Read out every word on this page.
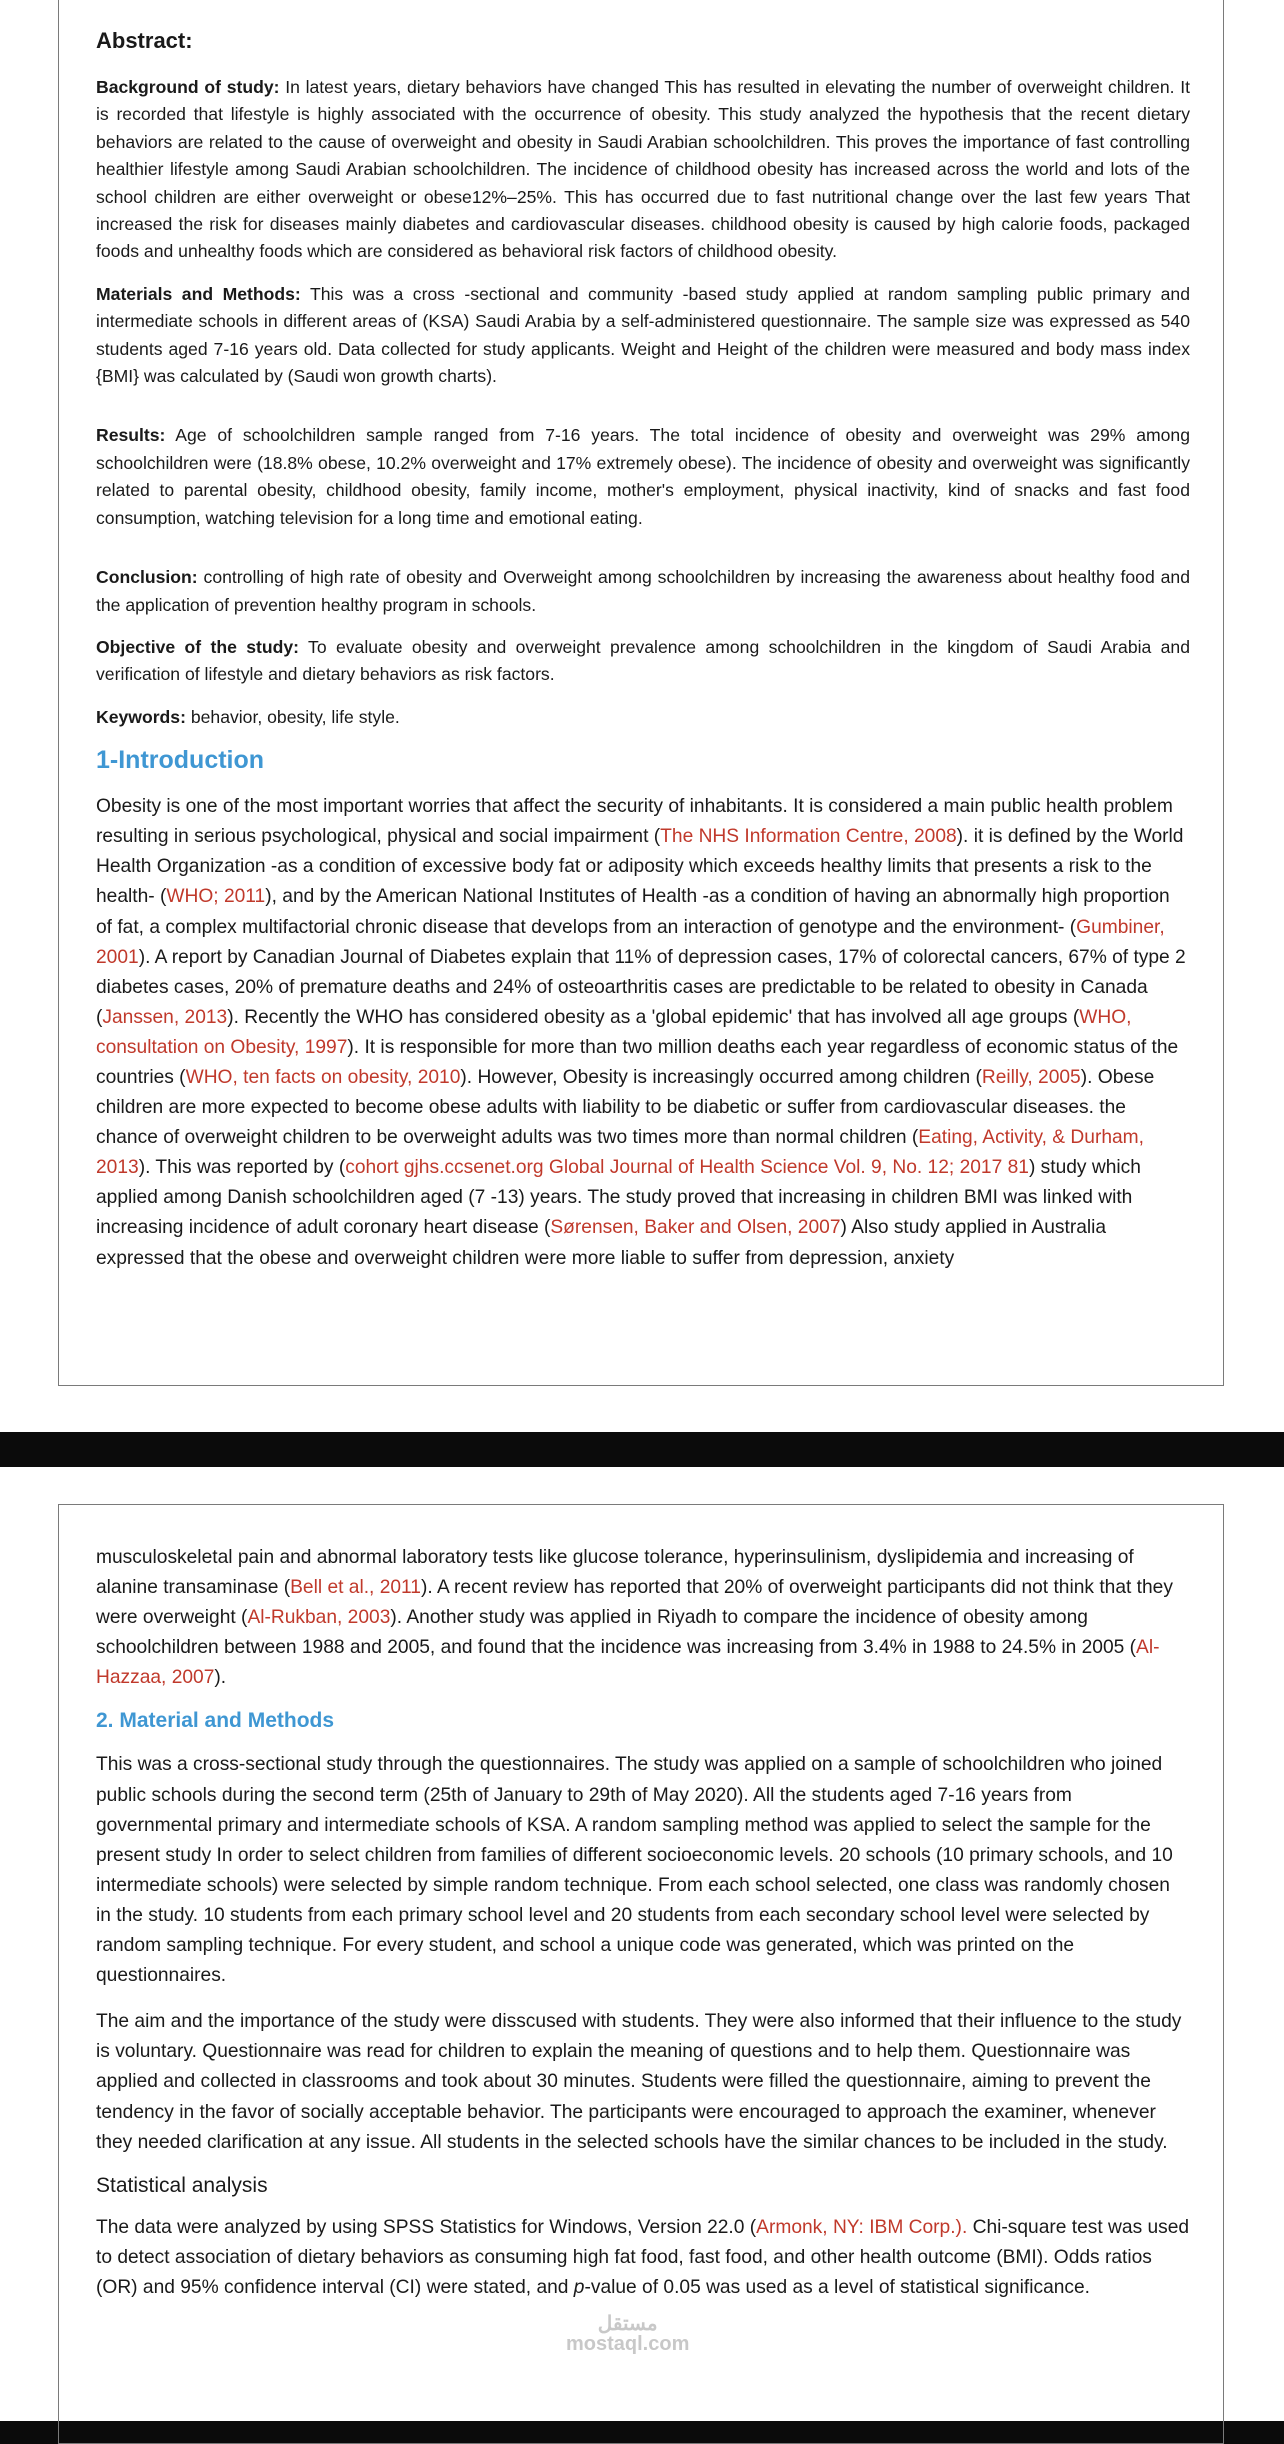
Abstract:

Background of study: In latest years, dietary behaviors have changed This has resulted in elevating the number of overweight children. It is recorded that lifestyle is highly associated with the occurrence of obesity. This study analyzed the hypothesis that the recent dietary behaviors are related to the cause of overweight and obesity in Saudi Arabian schoolchildren. This proves the importance of fast controlling healthier lifestyle among Saudi Arabian schoolchildren. The incidence of childhood obesity has increased across the world and lots of the school children are either overweight or obese12%–25%. This has occurred due to fast nutritional change over the last few years That increased the risk for diseases mainly diabetes and cardiovascular diseases. childhood obesity is caused by high calorie foods, packaged foods and unhealthy foods which are considered as behavioral risk factors of childhood obesity.

Materials and Methods: This was a cross -sectional and community -based study applied at random sampling public primary and intermediate schools in different areas of (KSA) Saudi Arabia by a self-administered questionnaire. The sample size was expressed as 540 students aged 7-16 years old. Data collected for study applicants. Weight and Height of the children were measured and body mass index {BMI} was calculated by (Saudi won growth charts).

Results: Age of schoolchildren sample ranged from 7-16 years. The total incidence of obesity and overweight was 29% among schoolchildren were (18.8% obese, 10.2% overweight and 17% extremely obese). The incidence of obesity and overweight was significantly related to parental obesity, childhood obesity, family income, mother's employment, physical inactivity, kind of snacks and fast food consumption, watching television for a long time and emotional eating.

Conclusion: controlling of high rate of obesity and Overweight among schoolchildren by increasing the awareness about healthy food and the application of prevention healthy program in schools.

Objective of the study: To evaluate obesity and overweight prevalence among schoolchildren in the kingdom of Saudi Arabia and verification of lifestyle and dietary behaviors as risk factors.

Keywords: behavior, obesity, life style.

1-Introduction

Obesity is one of the most important worries that affect the security of inhabitants. It is considered a main public health problem resulting in serious psychological, physical and social impairment (The NHS Information Centre, 2008). it is defined by the World Health Organization -as a condition of excessive body fat or adiposity which exceeds healthy limits that presents a risk to the health- (WHO; 2011), and by the American National Institutes of Health -as a condition of having an abnormally high proportion of fat, a complex multifactorial chronic disease that develops from an interaction of genotype and the environment- (Gumbiner, 2001). A report by Canadian Journal of Diabetes explain that 11% of depression cases, 17% of colorectal cancers, 67% of type 2 diabetes cases, 20% of premature deaths and 24% of osteoarthritis cases are predictable to be related to obesity in Canada (Janssen, 2013). Recently the WHO has considered obesity as a 'global epidemic' that has involved all age groups (WHO, consultation on Obesity, 1997). It is responsible for more than two million deaths each year regardless of economic status of the countries (WHO, ten facts on obesity, 2010). However, Obesity is increasingly occurred among children (Reilly, 2005). Obese children are more expected to become obese adults with liability to be diabetic or suffer from cardiovascular diseases. the chance of overweight children to be overweight adults was two times more than normal children (Eating, Activity, & Durham, 2013). This was reported by (cohort gjhs.ccsenet.org Global Journal of Health Science Vol. 9, No. 12; 2017 81) study which applied among Danish schoolchildren aged (7 -13) years. The study proved that increasing in children BMI was linked with increasing incidence of adult coronary heart disease (Sørensen, Baker and Olsen, 2007) Also study applied in Australia expressed that the obese and overweight children were more liable to suffer from depression, anxiety

musculoskeletal pain and abnormal laboratory tests like glucose tolerance, hyperinsulinism, dyslipidemia and increasing of alanine transaminase (Bell et al., 2011). A recent review has reported that 20% of overweight participants did not think that they were overweight (Al-Rukban, 2003). Another study was applied in Riyadh to compare the incidence of obesity among schoolchildren between 1988 and 2005, and found that the incidence was increasing from 3.4% in 1988 to 24.5% in 2005 (Al-Hazzaa, 2007).

2. Material and Methods

This was a cross-sectional study through the questionnaires. The study was applied on a sample of schoolchildren who joined public schools during the second term (25th of January to 29th of May 2020). All the students aged 7-16 years from governmental primary and intermediate schools of KSA. A random sampling method was applied to select the sample for the present study In order to select children from families of different socioeconomic levels. 20 schools (10 primary schools, and 10 intermediate schools) were selected by simple random technique. From each school selected, one class was randomly chosen in the study. 10 students from each primary school level and 20 students from each secondary school level were selected by random sampling technique. For every student, and school a unique code was generated, which was printed on the questionnaires.

The aim and the importance of the study were disscused with students. They were also informed that their influence to the study is voluntary. Questionnaire was read for children to explain the meaning of questions and to help them. Questionnaire was applied and collected in classrooms and took about 30 minutes. Students were filled the questionnaire, aiming to prevent the tendency in the favor of socially acceptable behavior. The participants were encouraged to approach the examiner, whenever they needed clarification at any issue. All students in the selected schools have the similar chances to be included in the study.

Statistical analysis

The data were analyzed by using SPSS Statistics for Windows, Version 22.0 (Armonk, NY: IBM Corp.). Chi-square test was used to detect association of dietary behaviors as consuming high fat food, fast food, and other health outcome (BMI). Odds ratios (OR) and 95% confidence interval (CI) were stated, and p-value of 0.05 was used as a level of statistical significance.

مستقل
mostaql.com
